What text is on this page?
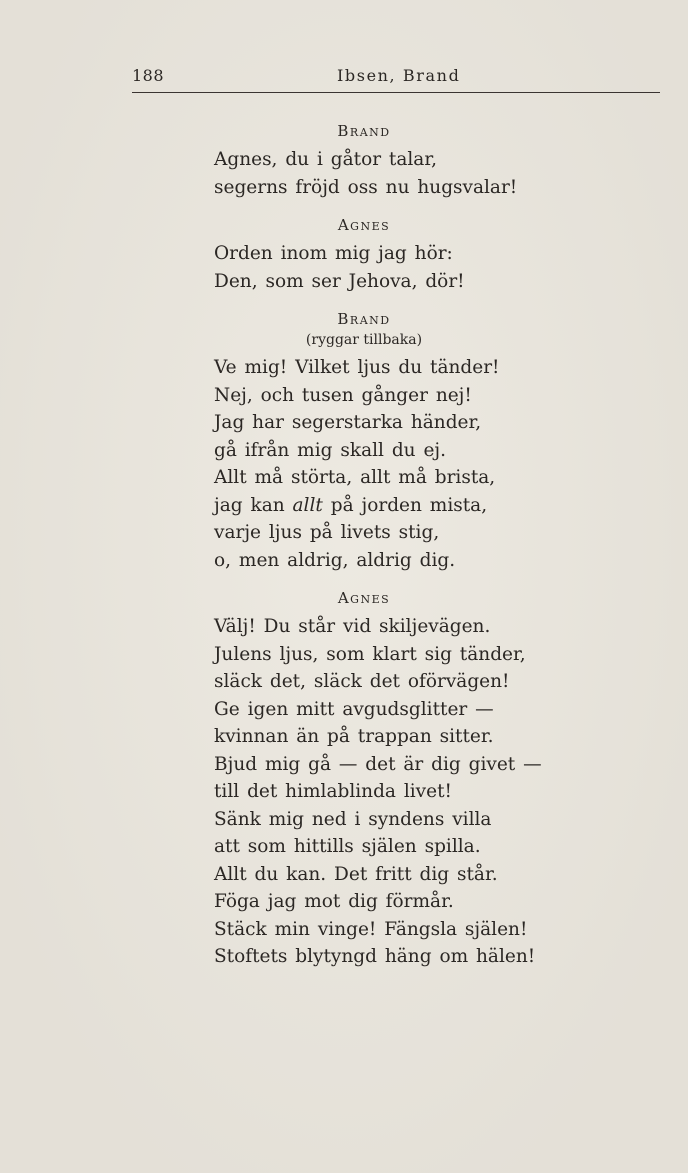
188	Ibsen, Brand
Brand
Agnes, du i gåtor talar,
segerns fröjd oss nu hugsvalar!
Agnes
Orden inom mig jag hör:
Den, som ser Jehova, dör!
Brand
(ryggar tillbaka)
Ve mig! Vilket ljus du tänder!
Nej, och tusen gånger nej!
Jag har segerstarka händer,
gå ifrån mig skall du ej.
Allt må störta, allt må brista,
jag kan allt på jorden mista,
varje ljus på livets stig,
o, men aldrig, aldrig dig.
Agnes
Välj! Du står vid skiljevägen.
Julens ljus, som klart sig tänder,
släck det, släck det oförvägen!
Ge igen mitt avgudsglitter —
kvinnan än på trappan sitter.
Bjud mig gå — det är dig givet —
till det himlablinda livet!
Sänk mig ned i syndens villa
att som hittills själen spilla.
Allt du kan. Det fritt dig står.
Föga jag mot dig förmår.
Stäck min vinge! Fängsla själen!
Stoftets blytyngd häng om hälen!
